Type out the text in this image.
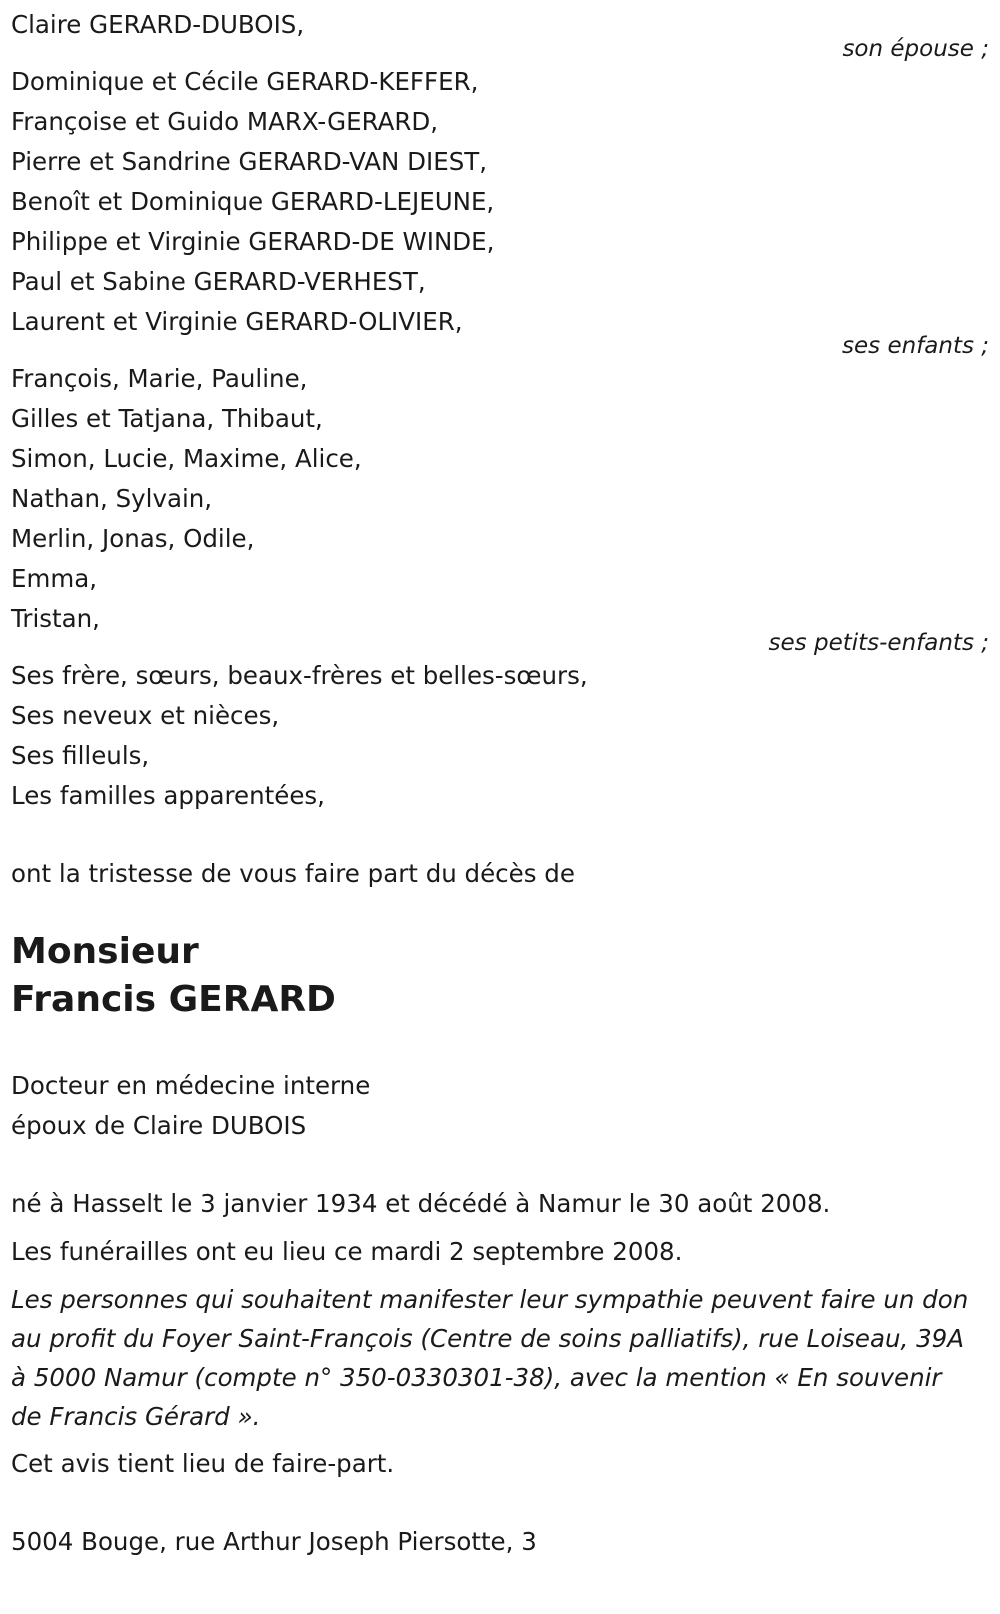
Claire GERARD-DUBOIS,
son épouse ;
Dominique et Cécile GERARD-KEFFER,
Françoise et Guido MARX-GERARD,
Pierre et Sandrine GERARD-VAN DIEST,
Benoît et Dominique GERARD-LEJEUNE,
Philippe et Virginie GERARD-DE WINDE,
Paul et Sabine GERARD-VERHEST,
Laurent et Virginie GERARD-OLIVIER,
ses enfants ;
François, Marie, Pauline,
Gilles et Tatjana, Thibaut,
Simon, Lucie, Maxime, Alice,
Nathan, Sylvain,
Merlin, Jonas, Odile,
Emma,
Tristan,
ses petits-enfants ;
Ses frère, sœurs, beaux-frères et belles-sœurs,
Ses neveux et nièces,
Ses filleuls,
Les familles apparentées,
ont la tristesse de vous faire part du décès de
Monsieur
Francis GERARD
Docteur en médecine interne
époux de Claire DUBOIS
né à Hasselt le 3 janvier 1934 et décédé à Namur le 30 août 2008.
Les funérailles ont eu lieu ce mardi 2 septembre 2008.
Les personnes qui souhaitent manifester leur sympathie peuvent faire un don au profit du Foyer Saint-François (Centre de soins palliatifs), rue Loiseau, 39A à 5000 Namur (compte n° 350-0330301-38), avec la mention « En souvenir de Francis Gérard ».
Cet avis tient lieu de faire-part.
5004 Bouge, rue Arthur Joseph Piersotte, 3
